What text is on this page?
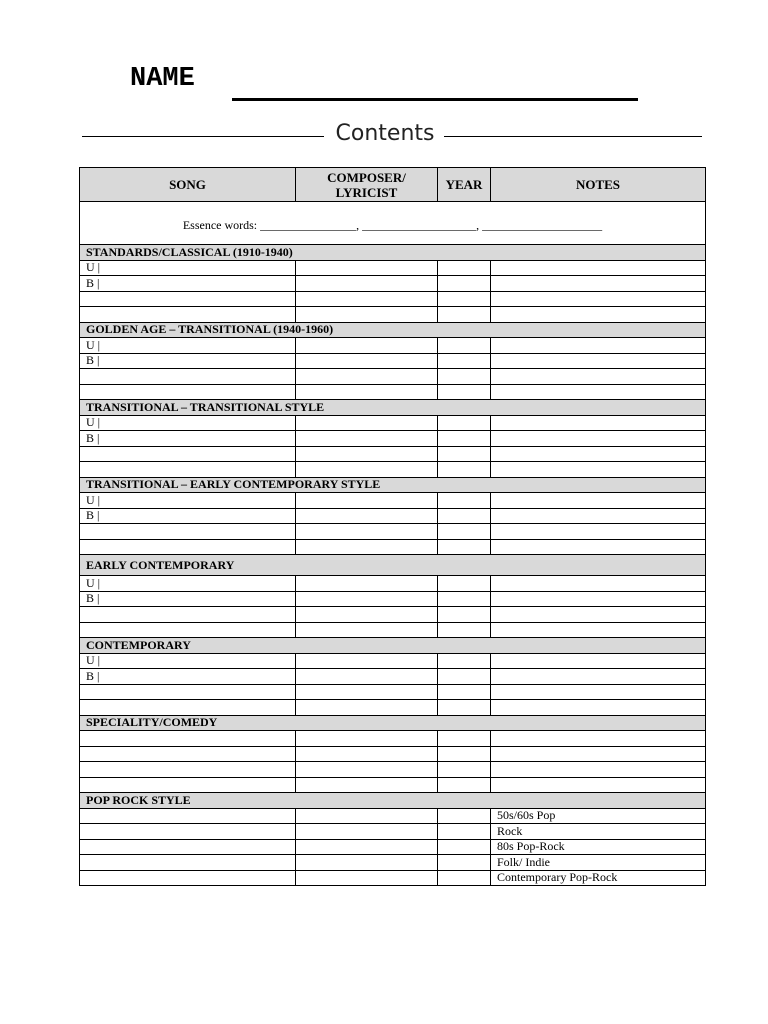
NAME
Contents
SONG	COMPOSER/ LYRICIST	YEAR	NOTES
Essence words: ________________, ___________________, ____________________			
STANDARDS/CLASSICAL (1910-1940)			
U |			
B |			

GOLDEN AGE – TRANSITIONAL (1940-1960)			
U |			
B |			

TRANSITIONAL – TRANSITIONAL STYLE			
U |			
B |			

TRANSITIONAL – EARLY CONTEMPORARY STYLE			
U |			
B |			

EARLY CONTEMPORARY			
U |			
B |			

CONTEMPORARY			
U |			
B |			

SPECIALITY/COMEDY			

POP ROCK STYLE			
			50s/60s Pop
			Rock
			80s Pop-Rock
			Folk/ Indie
			Contemporary Pop-Rock
